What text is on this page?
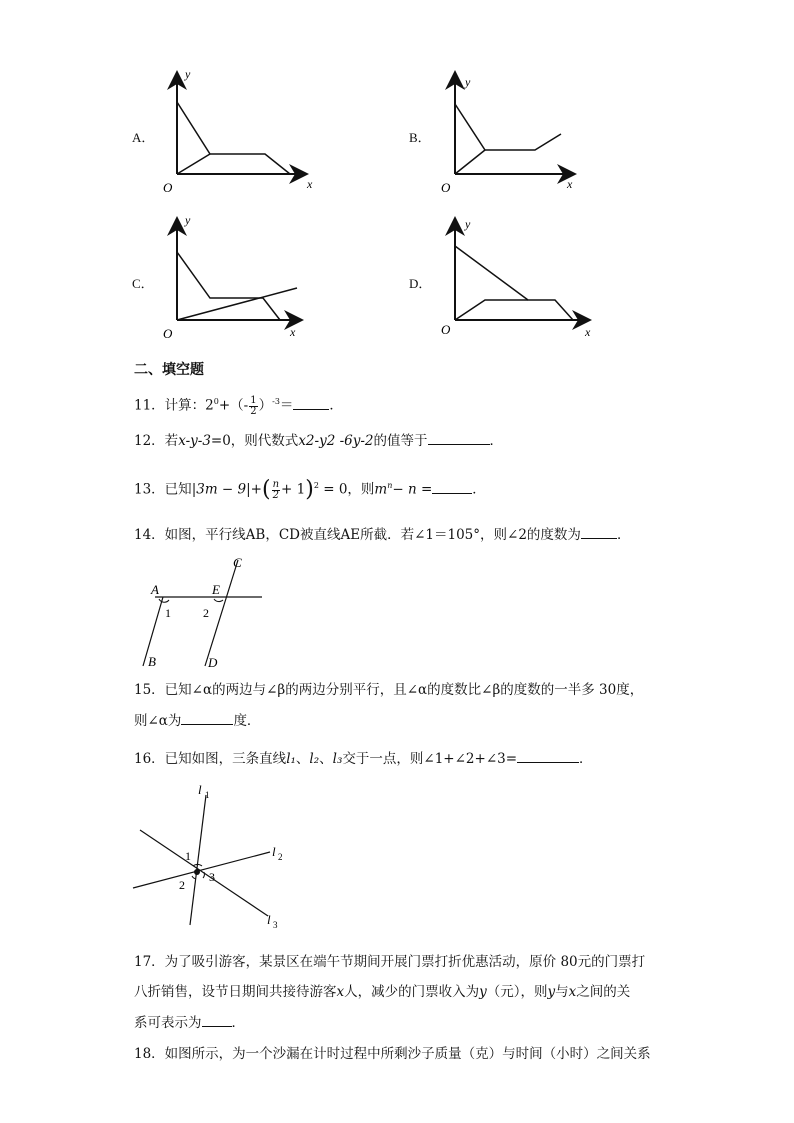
A．
y
x
O
B．
y
x
O
C．
y
x
O
D．
y
x
O
二、填空题
11．计算：$2^0+(- \frac{1}{2} )^{-3}=$	．
12．若x-y-3=0，则代数式x2-y2 -6y-2的值等于	．
13．已知$|3m - 9|+( \frac{n}{2} + 1)^2 = 0$，则$m^n- n$ =	．
14．如图，平行线AB，CD被直线AE所截．若∠1＝105°，则∠2的度数为	．
A
B
C
D
E
1	2
15．已知∠α的两边与∠β的两边分别平行，且∠α的度数比∠β的度数的一半多 30度，
则∠α为	度．
16．已知如图，三条直线l₁、l₂、l₃交于一点，则∠1+∠2+∠3=	．
l 1
l 2
l 3
1
2
3
17．为了吸引游客，某景区在端午节期间开展门票打折优惠活动，原价 80元的门票打
八折销售，设节日期间共接待游客x人，减少的门票收入为y（元），则y与x之间的关
系可表示为 ．
18．如图所示，为一个沙漏在计时过程中所剩沙子质量（克）与时间（小时）之间关系
